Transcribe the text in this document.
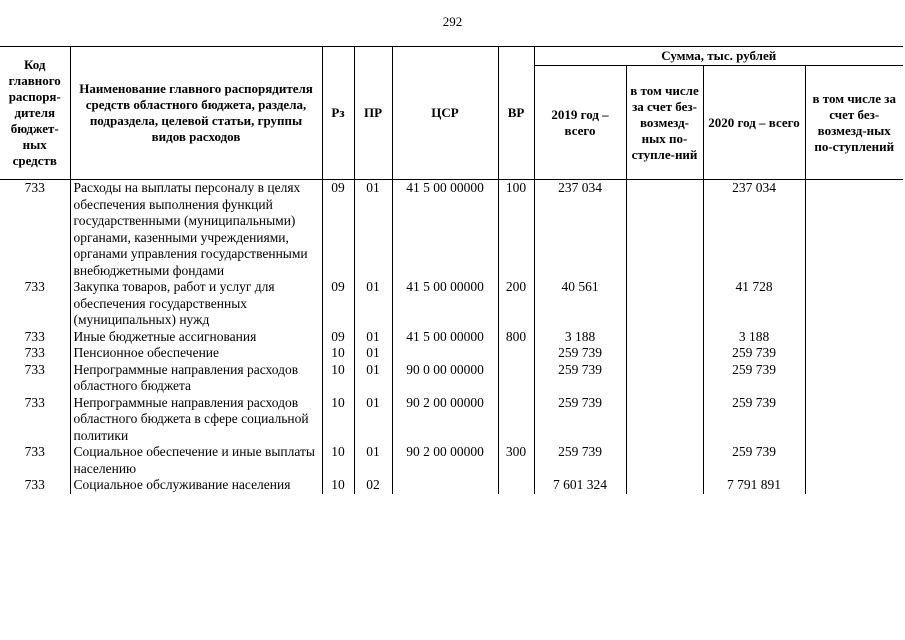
292
Код главного распоря-дителя бюджет-ных средств	Наименование главного распорядителя средств областного бюджета, раздела, подраздела, целевой статьи, группы видов расходов	Рз	ПР	ЦСР	ВР	Сумма, тыс. рублей			
						2019 год – всего	в том числе за счет без-возмезд-ных по-ступле-ний	2020 год – всего	в том числе за счет без-возмезд-ных по-ступлений
733	Расходы на выплаты персоналу в целях обеспечения выполнения функций государственными (муниципальными) органами, казенными учреждениями, органами управления государственными внебюджетными фондами	09	01	41 5 00 00000	100	237 034		237 034	
733	Закупка товаров, работ и услуг для обеспечения государственных (муниципальных) нужд	09	01	41 5 00 00000	200	40 561		41 728	
733	Иные бюджетные ассигнования	09	01	41 5 00 00000	800	3 188		3 188	
733	Пенсионное обеспечение	10	01			259 739		259 739	
733	Непрограммные направления расходов областного бюджета	10	01	90 0 00 00000		259 739		259 739	
733	Непрограммные направления расходов областного бюджета в сфере социальной политики	10	01	90 2 00 00000		259 739		259 739	
733	Социальное обеспечение и иные выплаты населению	10	01	90 2 00 00000	300	259 739		259 739	
733	Социальное обслуживание населения	10	02			7 601 324		7 791 891	
